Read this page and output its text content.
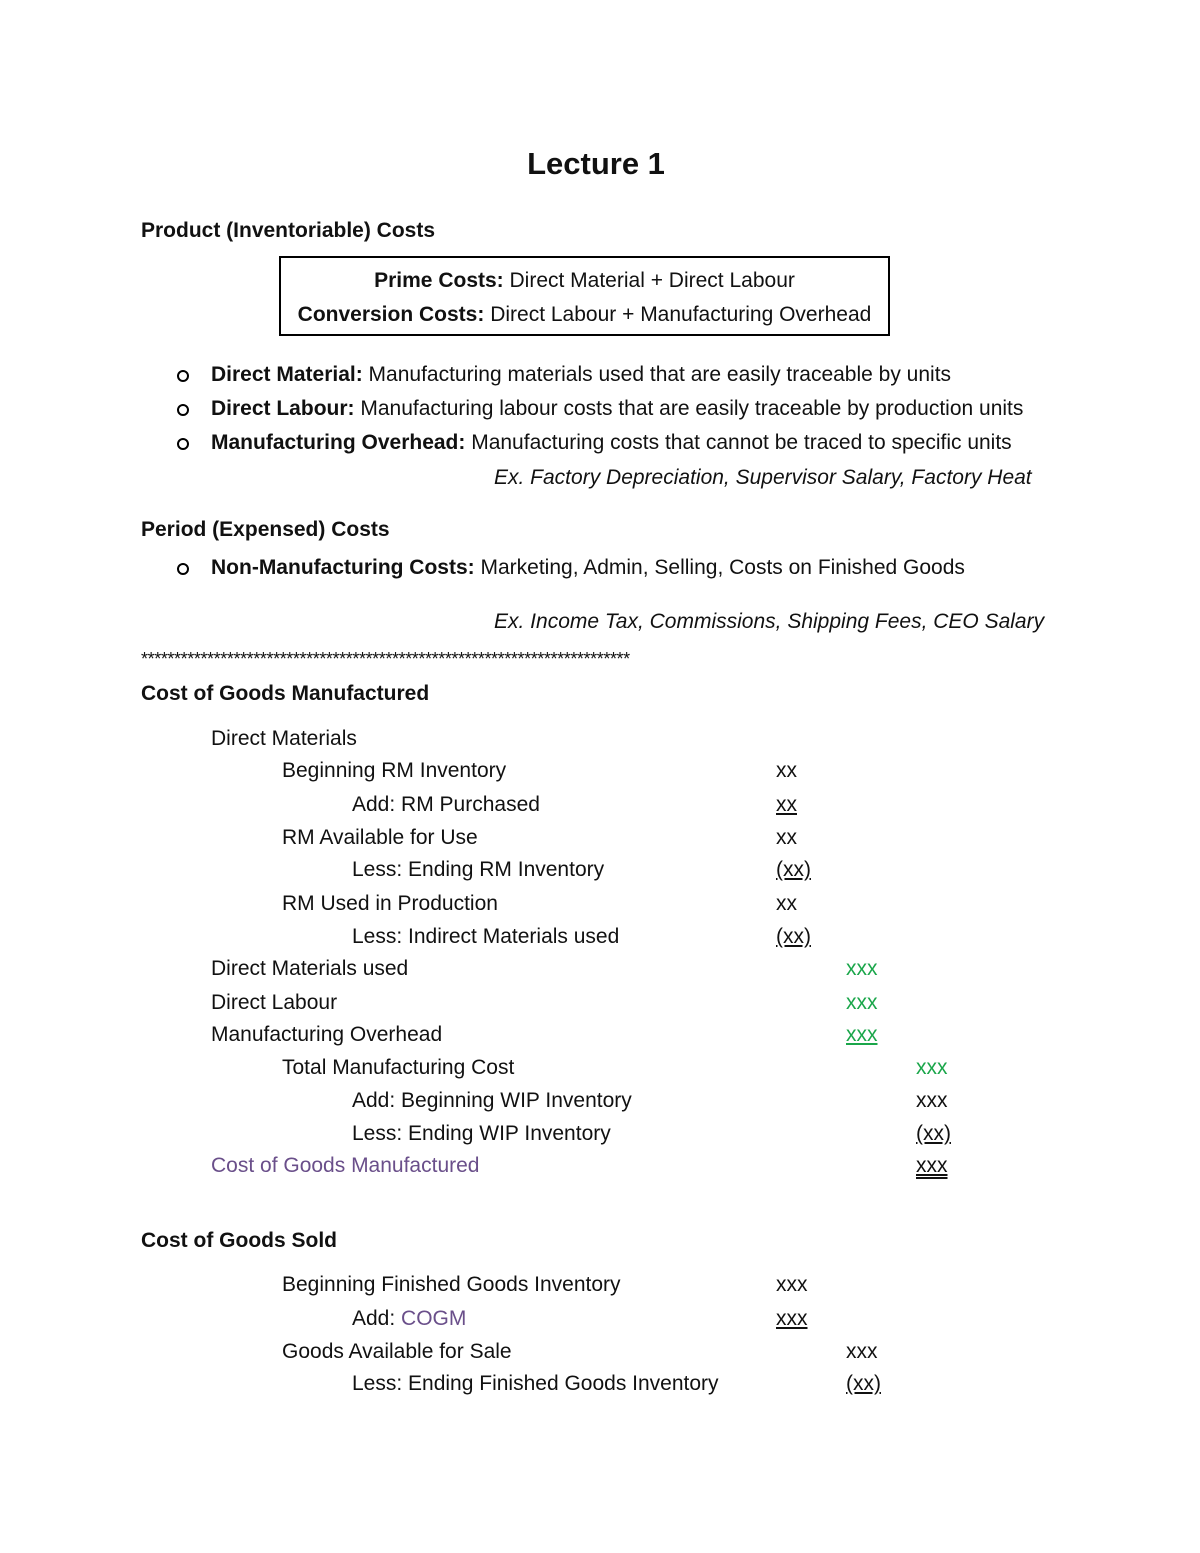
Lecture 1
Product (Inventoriable) Costs
Prime Costs: Direct Material + Direct Labour
Conversion Costs: Direct Labour + Manufacturing Overhead
Direct Material: Manufacturing materials used that are easily traceable by units
Direct Labour: Manufacturing labour costs that are easily traceable by production units
Manufacturing Overhead: Manufacturing costs that cannot be traced to specific units
Ex. Factory Depreciation, Supervisor Salary, Factory Heat
Period (Expensed) Costs
Non-Manufacturing Costs: Marketing, Admin, Selling, Costs on Finished Goods
Ex. Income Tax, Commissions, Shipping Fees, CEO Salary
**************************************************************************
Cost of Goods Manufactured
Direct Materials
Beginning RM Inventory	xx
Add: RM Purchased	xx
RM Available for Use	xx
Less: Ending RM Inventory	(xx)
RM Used in Production	xx
Less: Indirect Materials used	(xx)
Direct Materials used	xxx
Direct Labour	xxx
Manufacturing Overhead	xxx
Total Manufacturing Cost	xxx
Add: Beginning WIP Inventory	xxx
Less: Ending WIP Inventory	(xx)
Cost of Goods Manufactured	xxx
Cost of Goods Sold
Beginning Finished Goods Inventory	xxx
Add: COGM	xxx
Goods Available for Sale	xxx
Less: Ending Finished Goods Inventory	(xx)
